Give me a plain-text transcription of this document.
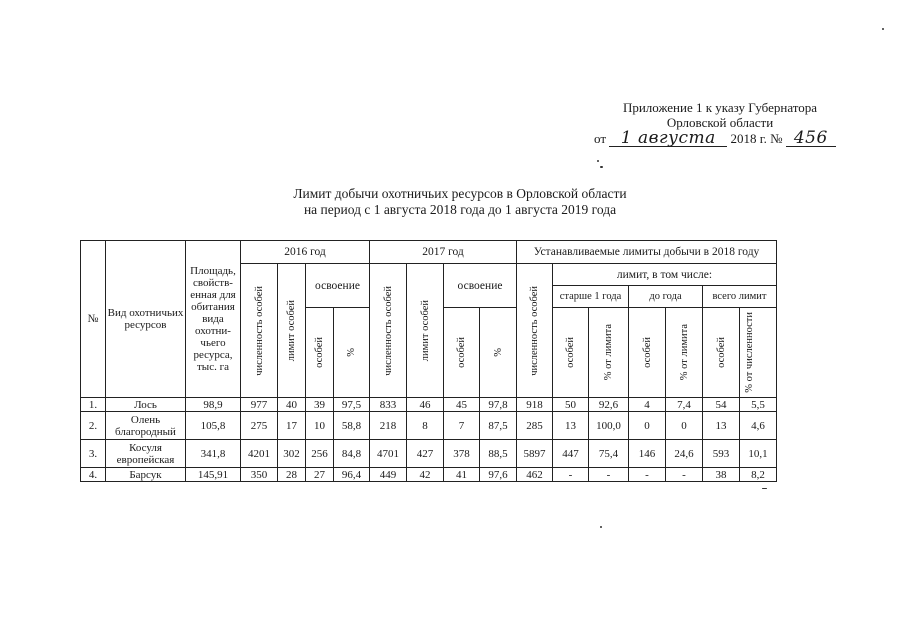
Приложение 1 к указу Губернатора
Орловской области
от 1 августа 2018 г. № 456
Лимит добычи охотничьих ресурсов в Орловской области
на период с 1 августа 2018 года до 1 августа 2019 года
№	Вид охотничьих ресурсов	Площадь, свойств-енная для обитания вида охотни-чьего ресурса, тыс. га	2016 год				2017 год				Устанавливаемые лимиты добычи в 2018 году						

			численность особей	лимит особей	освоение		численность особей	лимит особей	освоение		численность особей	лимит, в том числе:					
												старше 1 года		до года		всего лимит	

					особей	%			особей	%		особей	% от лимита	особей	% от лимита	особей	% от численности

1.	Лось	98,9	977	40	39	97,5	833	46	45	97,8	918	50	92,6	4	7,4	54	5,5
2.	Олень благородный	105,8	275	17	10	58,8	218	8	7	87,5	285	13	100,0	0	0	13	4,6
3.	Косуля европейская	341,8	4201	302	256	84,8	4701	427	378	88,5	5897	447	75,4	146	24,6	593	10,1
4.	Барсук	145,91	350	28	27	96,4	449	42	41	97,6	462	-	-	-	-	38	8,2
